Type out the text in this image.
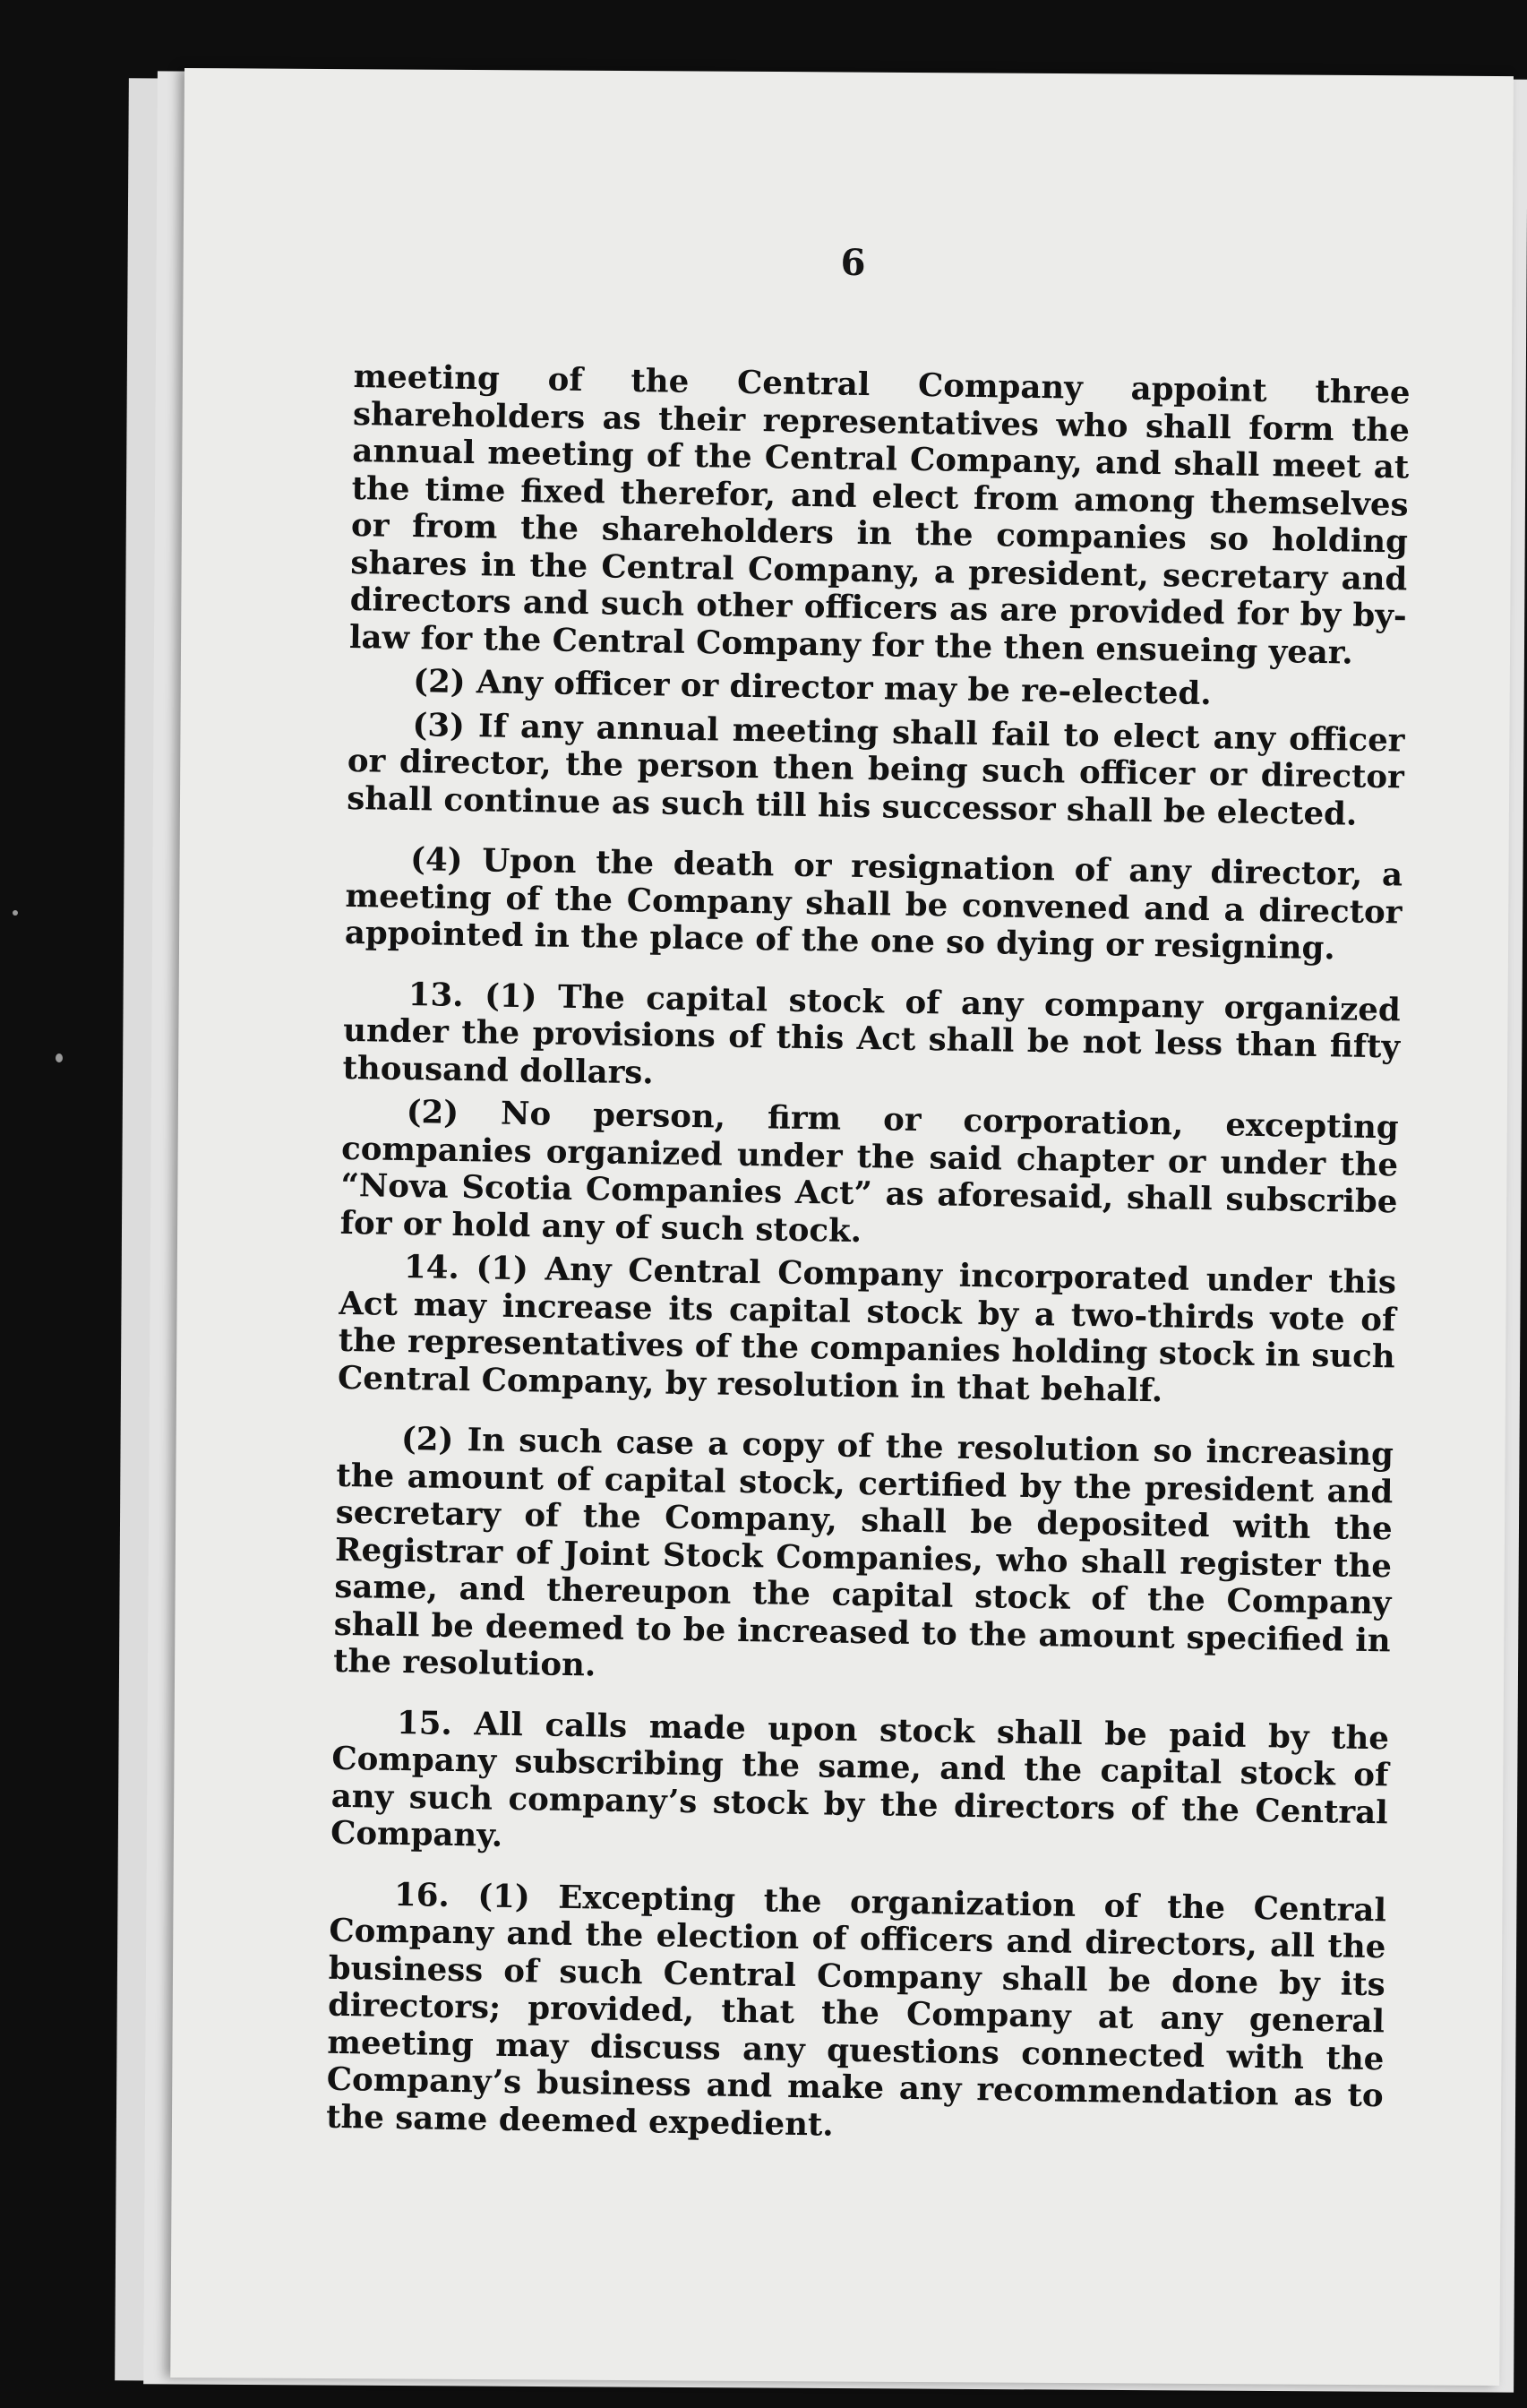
6

meeting of the Central Company appoint three shareholders as their representatives who shall form the annual meeting of the Central Company, and shall meet at the time fixed therefor, and elect from among themselves or from the shareholders in the companies so holding shares in the Central Company, a president, secretary and directors and such other officers as are provided for by by-law for the Central Company for the then ensueing year.

(2) Any officer or director may be re-elected.

(3) If any annual meeting shall fail to elect any officer or director, the person then being such officer or director shall continue as such till his successor shall be elected.

(4) Upon the death or resignation of any director, a meeting of the Company shall be convened and a director appointed in the place of the one so dying or resigning.

13. (1) The capital stock of any company organized under the provisions of this Act shall be not less than fifty thousand dollars.

(2) No person, firm or corporation, excepting companies organized under the said chapter or under the “Nova Scotia Companies Act” as aforesaid, shall subscribe for or hold any of such stock.

14. (1) Any Central Company incorporated under this Act may increase its capital stock by a two-thirds vote of the representatives of the companies holding stock in such Central Company, by resolution in that behalf.

(2) In such case a copy of the resolution so increasing the amount of capital stock, certified by the president and secretary of the Company, shall be deposited with the Registrar of Joint Stock Companies, who shall register the same, and thereupon the capital stock of the Company shall be deemed to be increased to the amount specified in the resolution.

15. All calls made upon stock shall be paid by the Company subscribing the same, and the capital stock of any such company’s stock by the directors of the Central Company.

16. (1) Excepting the organization of the Central Company and the election of officers and directors, all the business of such Central Company shall be done by its directors; provided, that the Company at any general meeting may discuss any questions connected with the Company’s business and make any recommendation as to the same deemed expedient.
